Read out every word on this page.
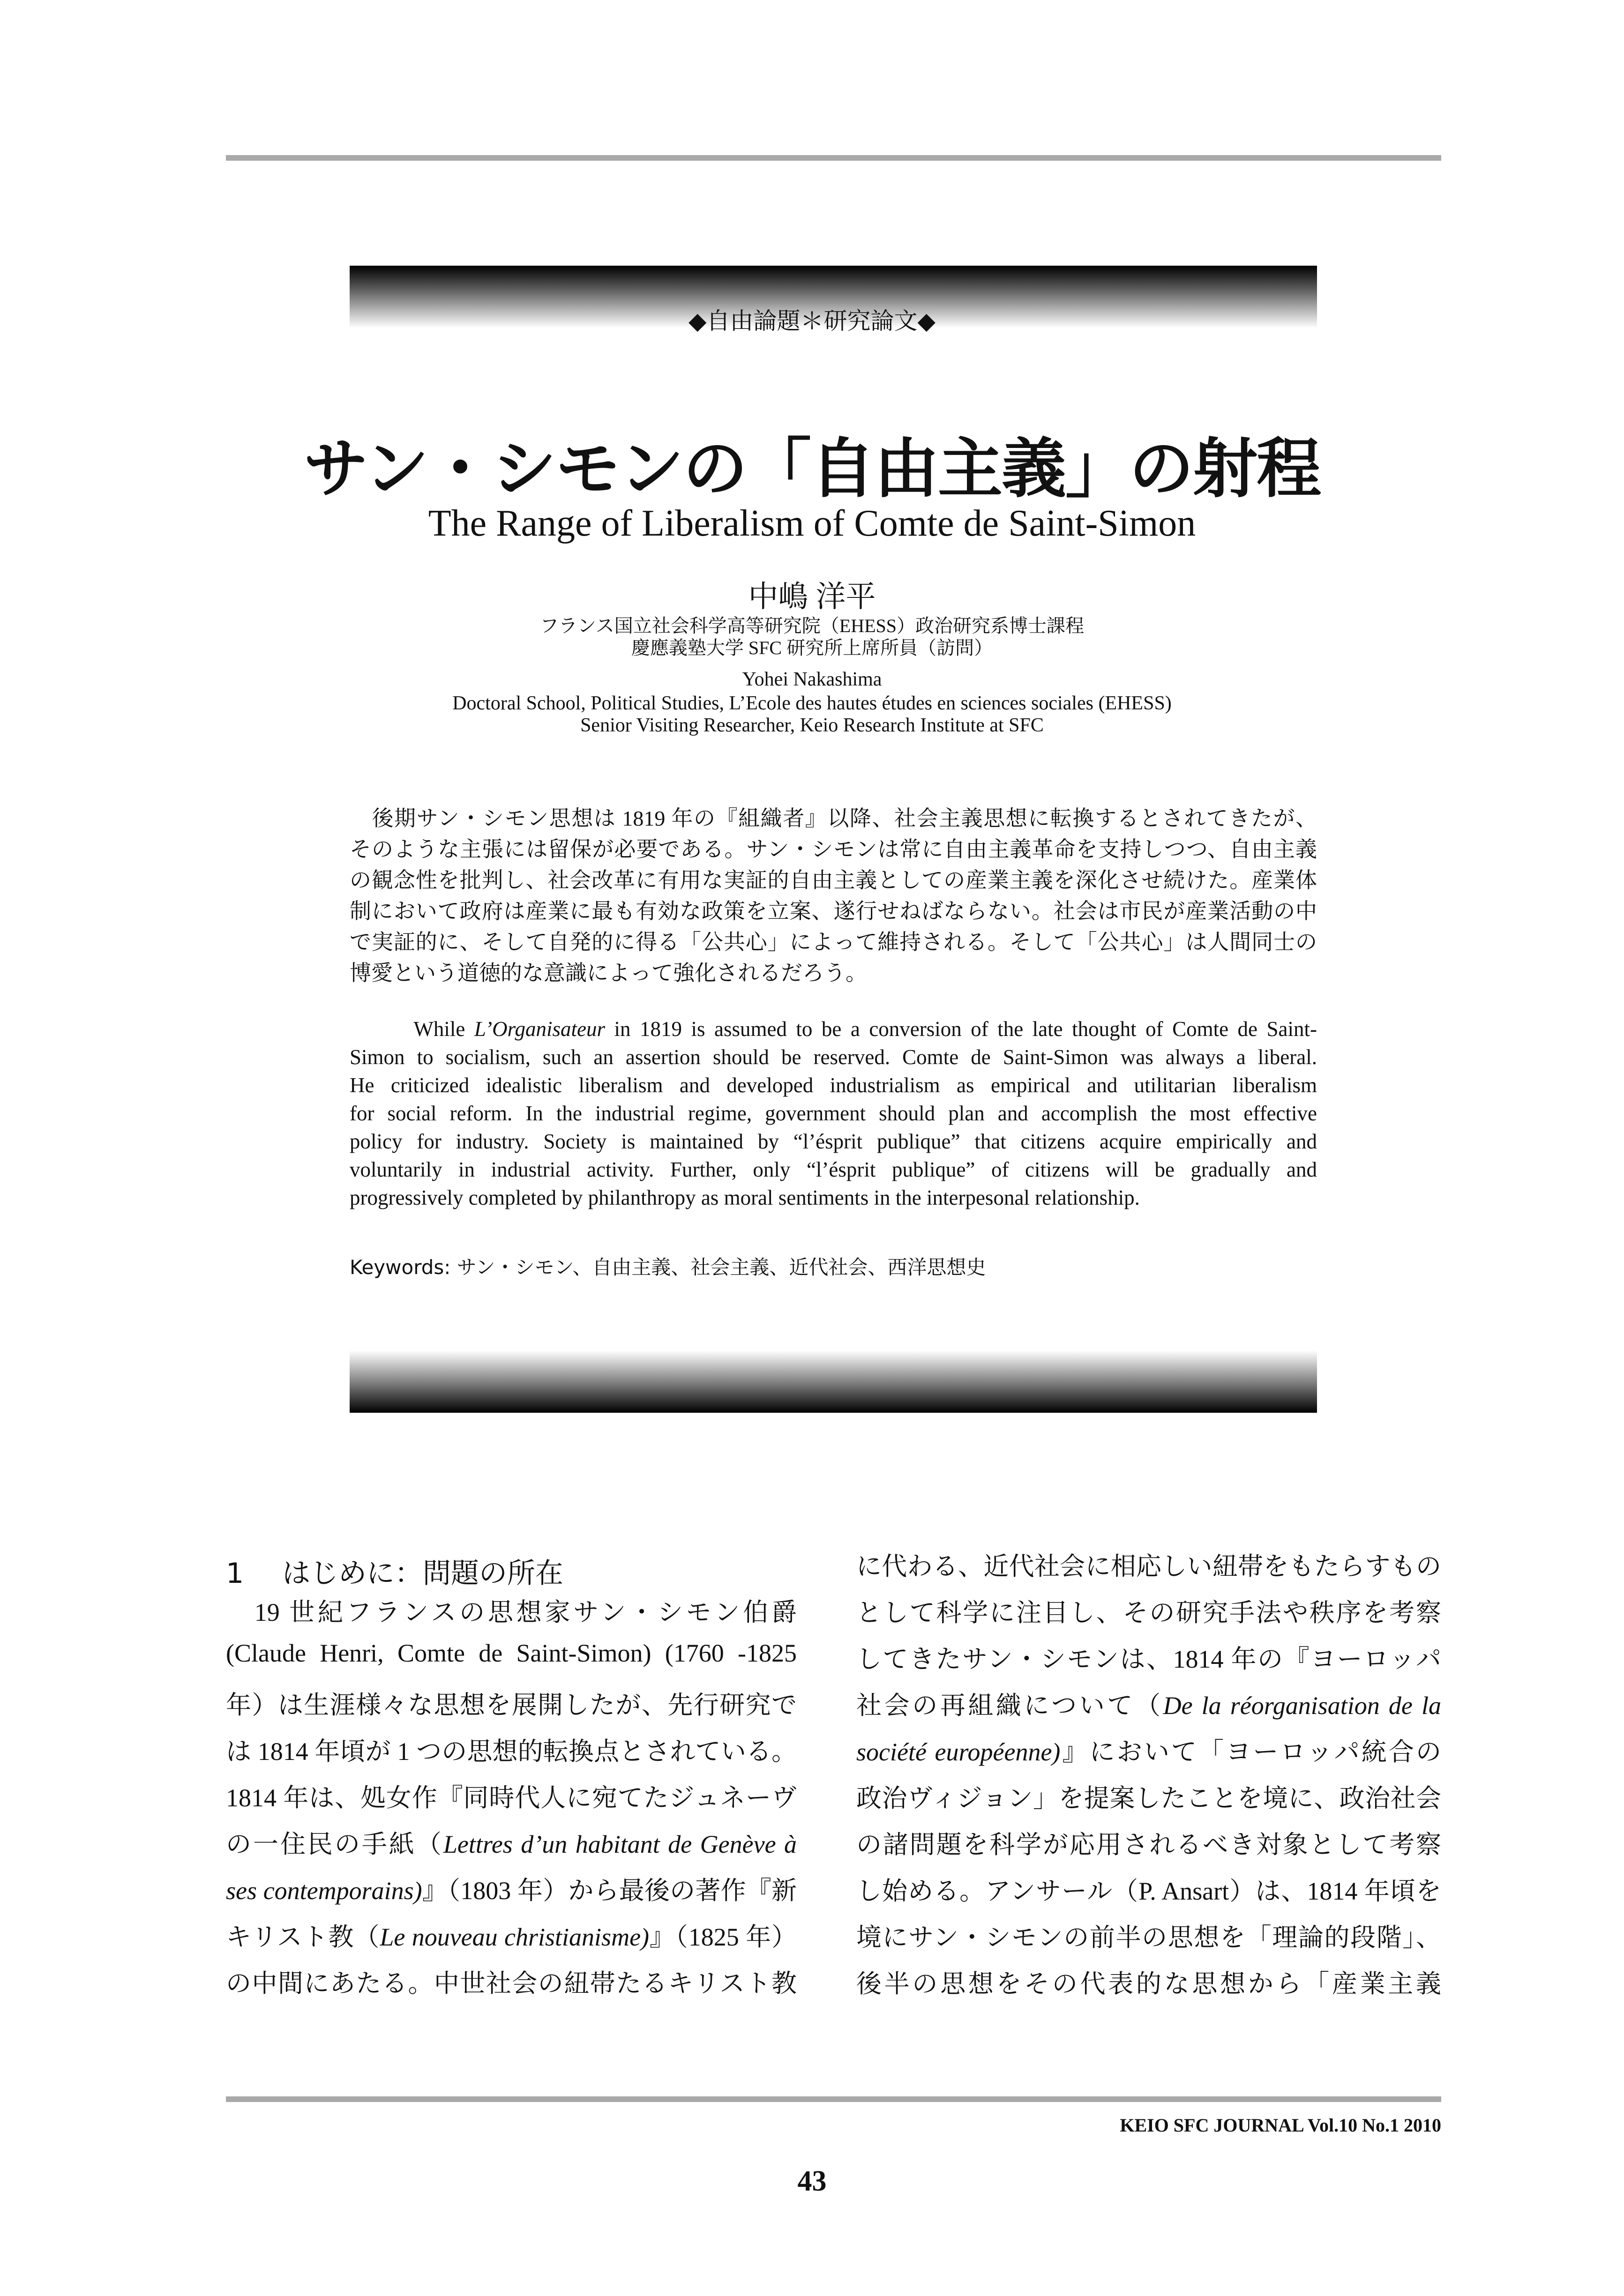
◆自由論題＊研究論文◆
サン・シモンの「自由主義」の射程
The Range of Liberalism of Comte de Saint-Simon
中嶋 洋平
フランス国立社会科学高等研究院（EHESS）政治研究系博士課程
慶應義塾大学 SFC 研究所上席所員（訪問）
Yohei Nakashima
Doctoral School, Political Studies, L’Ecole des hautes études en sciences sociales (EHESS)
Senior Visiting Researcher, Keio Research Institute at SFC
　後期サン・シモン思想は 1819 年の『組織者』以降、社会主義思想に転換するとされてきたが、
そのような主張には留保が必要である。サン・シモンは常に自由主義革命を支持しつつ、自由主義
の観念性を批判し、社会改革に有用な実証的自由主義としての産業主義を深化させ続けた。産業体
制において政府は産業に最も有効な政策を立案、遂行せねばならない。社会は市民が産業活動の中
で実証的に、そして自発的に得る「公共心」によって維持される。そして「公共心」は人間同士の
博愛という道徳的な意識によって強化されるだろう。
While L’Organisateur in 1819 is assumed to be a conversion of the late thought of Comte de Saint-
Simon to socialism, such an assertion should be reserved. Comte de Saint-Simon was always a liberal.
He criticized idealistic liberalism and developed industrialism as empirical and utilitarian liberalism
for social reform. In the industrial regime, government should plan and accomplish the most effective
policy for industry. Society is maintained by “l’ésprit publique” that citizens acquire empirically and
voluntarily in industrial activity. Further, only “l’ésprit publique” of citizens will be gradually and
progressively completed by philanthropy as moral sentiments in the interpesonal relationship.
Keywords: サン・シモン、自由主義、社会主義、近代社会、西洋思想史
1 はじめに：問題の所在
　19 世紀フランスの思想家サン・シモン伯爵
(Claude Henri, Comte de Saint-Simon) (1760 -1825
年）は生涯様々な思想を展開したが、先行研究で
は 1814 年頃が 1 つの思想的転換点とされている。
1814 年は、処女作『同時代人に宛てたジュネーヴ
の一住民の手紙（Lettres d’un habitant de Genève à
ses contemporains)』（1803 年）から最後の著作『新
キリスト教（Le nouveau christianisme)』（1825 年）
の中間にあたる。中世社会の紐帯たるキリスト教
に代わる、近代社会に相応しい紐帯をもたらすもの
として科学に注目し、その研究手法や秩序を考察
してきたサン・シモンは、1814 年の『ヨーロッパ
社会の再組織について（De la réorganisation de la
société européenne)』において「ヨーロッパ統合の
政治ヴィジョン」を提案したことを境に、政治社会
の諸問題を科学が応用されるべき対象として考察
し始める。アンサール（P. Ansart）は、1814 年頃を
境にサン・シモンの前半の思想を「理論的段階」、
後半の思想をその代表的な思想から「産業主義
KEIO SFC JOURNAL Vol.10 No.1 2010
43
